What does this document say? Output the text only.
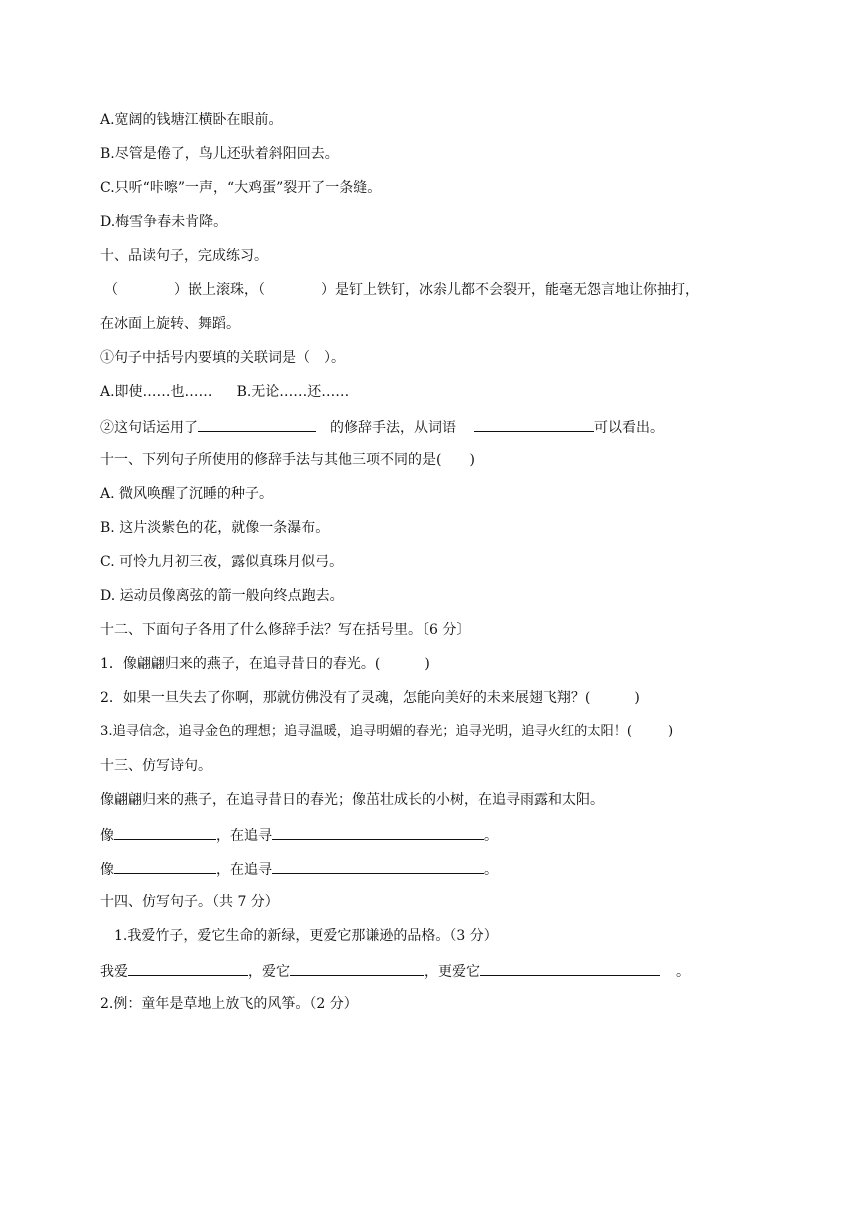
A.宽阔的钱塘江横卧在眼前。
B.尽管是倦了，鸟儿还驮着斜阳回去。
C.只听“咔嚓”一声，“大鸡蛋”裂开了一条缝。
D.梅雪争春未肯降。
十、品读句子，完成练习。
（	）嵌上滚珠，（	）是钉上铁钉，冰尜儿都不会裂开，能毫无怨言地让你抽打，
在冰面上旋转、舞蹈。
①句子中括号内要填的关联词是（　）。
A.即使……也…… B.无论……还……
②这句话运用了	的修辞手法，从词语	可以看出。
十一、下列句子所使用的修辞手法与其他三项不同的是(　　)
A. 微风唤醒了沉睡的种子。
B. 这片淡紫色的花，就像一条瀑布。
C. 可怜九月初三夜，露似真珠月似弓。
D. 运动员像离弦的箭一般向终点跑去。
十二、下面句子各用了什么修辞手法？写在括号里。〔6 分〕
1．像翩翩归来的燕子，在追寻昔日的春光。(	)
2．如果一旦失去了你啊，那就仿佛没有了灵魂，怎能向美好的未来展翅飞翔？(	)
3.追寻信念，追寻金色的理想；追寻温暖，追寻明媚的春光；追寻光明，追寻火红的太阳！(	)
十三、仿写诗句。
像翩翩归来的燕子，在追寻昔日的春光；像茁壮成长的小树，在追寻雨露和太阳。
像	，在追寻	。
像	，在追寻	。
十四、仿写句子。（共 7 分）
1.我爱竹子，爱它生命的新绿，更爱它那谦逊的品格。（3 分）
我爱	，爱它	，更爱它	。
2.例：童年是草地上放飞的风筝。（2 分）
